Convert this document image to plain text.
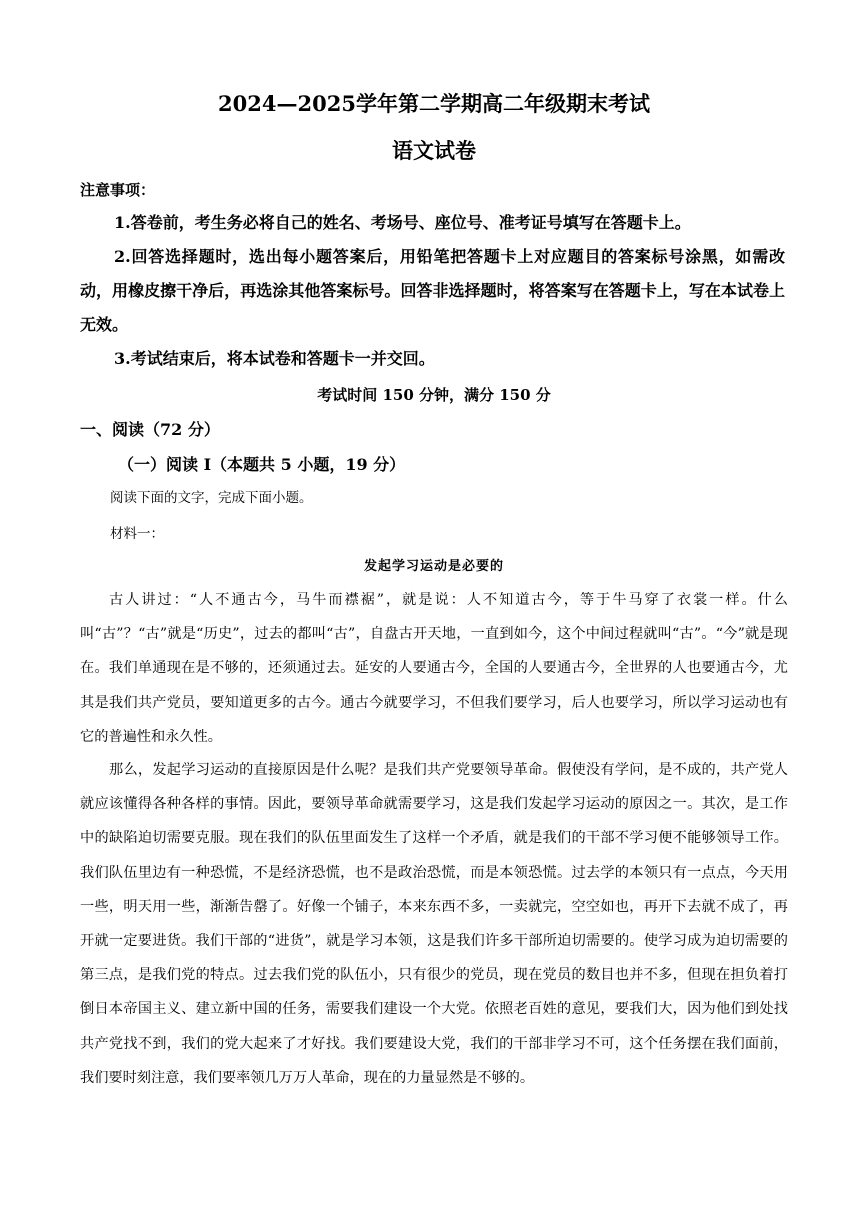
2024—2025学年第二学期高二年级期末考试
语文试卷
注意事项：
1.答卷前，考生务必将自己的姓名、考场号、座位号、准考证号填写在答题卡上。
2.回答选择题时，选出每小题答案后，用铅笔把答题卡上对应题目的答案标号涂黑，如需改动，用橡皮擦干净后，再选涂其他答案标号。回答非选择题时，将答案写在答题卡上，写在本试卷上无效。
3.考试结束后，将本试卷和答题卡一并交回。
考试时间 150 分钟，满分 150 分
一、阅读（72 分）
（一）阅读 I（本题共 5 小题，19 分）
阅读下面的文字，完成下面小题。
材料一：
发起学习运动是必要的
古人讲过：“人不通古今，马牛而襟裾”，就是说：人不知道古今，等于牛马穿了衣裳一样。什么叫“古”？“古”就是“历史”，过去的都叫“古”，自盘古开天地，一直到如今，这个中间过程就叫“古”。“今”就是现在。我们单通现在是不够的，还须通过去。延安的人要通古今，全国的人要通古今，全世界的人也要通古今，尤其是我们共产党员，要知道更多的古今。通古今就要学习，不但我们要学习，后人也要学习，所以学习运动也有它的普遍性和永久性。
那么，发起学习运动的直接原因是什么呢？是我们共产党要领导革命。假使没有学问，是不成的，共产党人就应该懂得各种各样的事情。因此，要领导革命就需要学习，这是我们发起学习运动的原因之一。其次，是工作中的缺陷迫切需要克服。现在我们的队伍里面发生了这样一个矛盾，就是我们的干部不学习便不能够领导工作。我们队伍里边有一种恐慌，不是经济恐慌，也不是政治恐慌，而是本领恐慌。过去学的本领只有一点点，今天用一些，明天用一些，渐渐告罄了。好像一个铺子，本来东西不多，一卖就完，空空如也，再开下去就不成了，再开就一定要进货。我们干部的“进货”，就是学习本领，这是我们许多干部所迫切需要的。使学习成为迫切需要的第三点，是我们党的特点。过去我们党的队伍小，只有很少的党员，现在党员的数目也并不多，但现在担负着打倒日本帝国主义、建立新中国的任务，需要我们建设一个大党。依照老百姓的意见，要我们大，因为他们到处找共产党找不到，我们的党大起来了才好找。我们要建设大党，我们的干部非学习不可，这个任务摆在我们面前，我们要时刻注意，我们要率领几万万人革命，现在的力量显然是不够的。
